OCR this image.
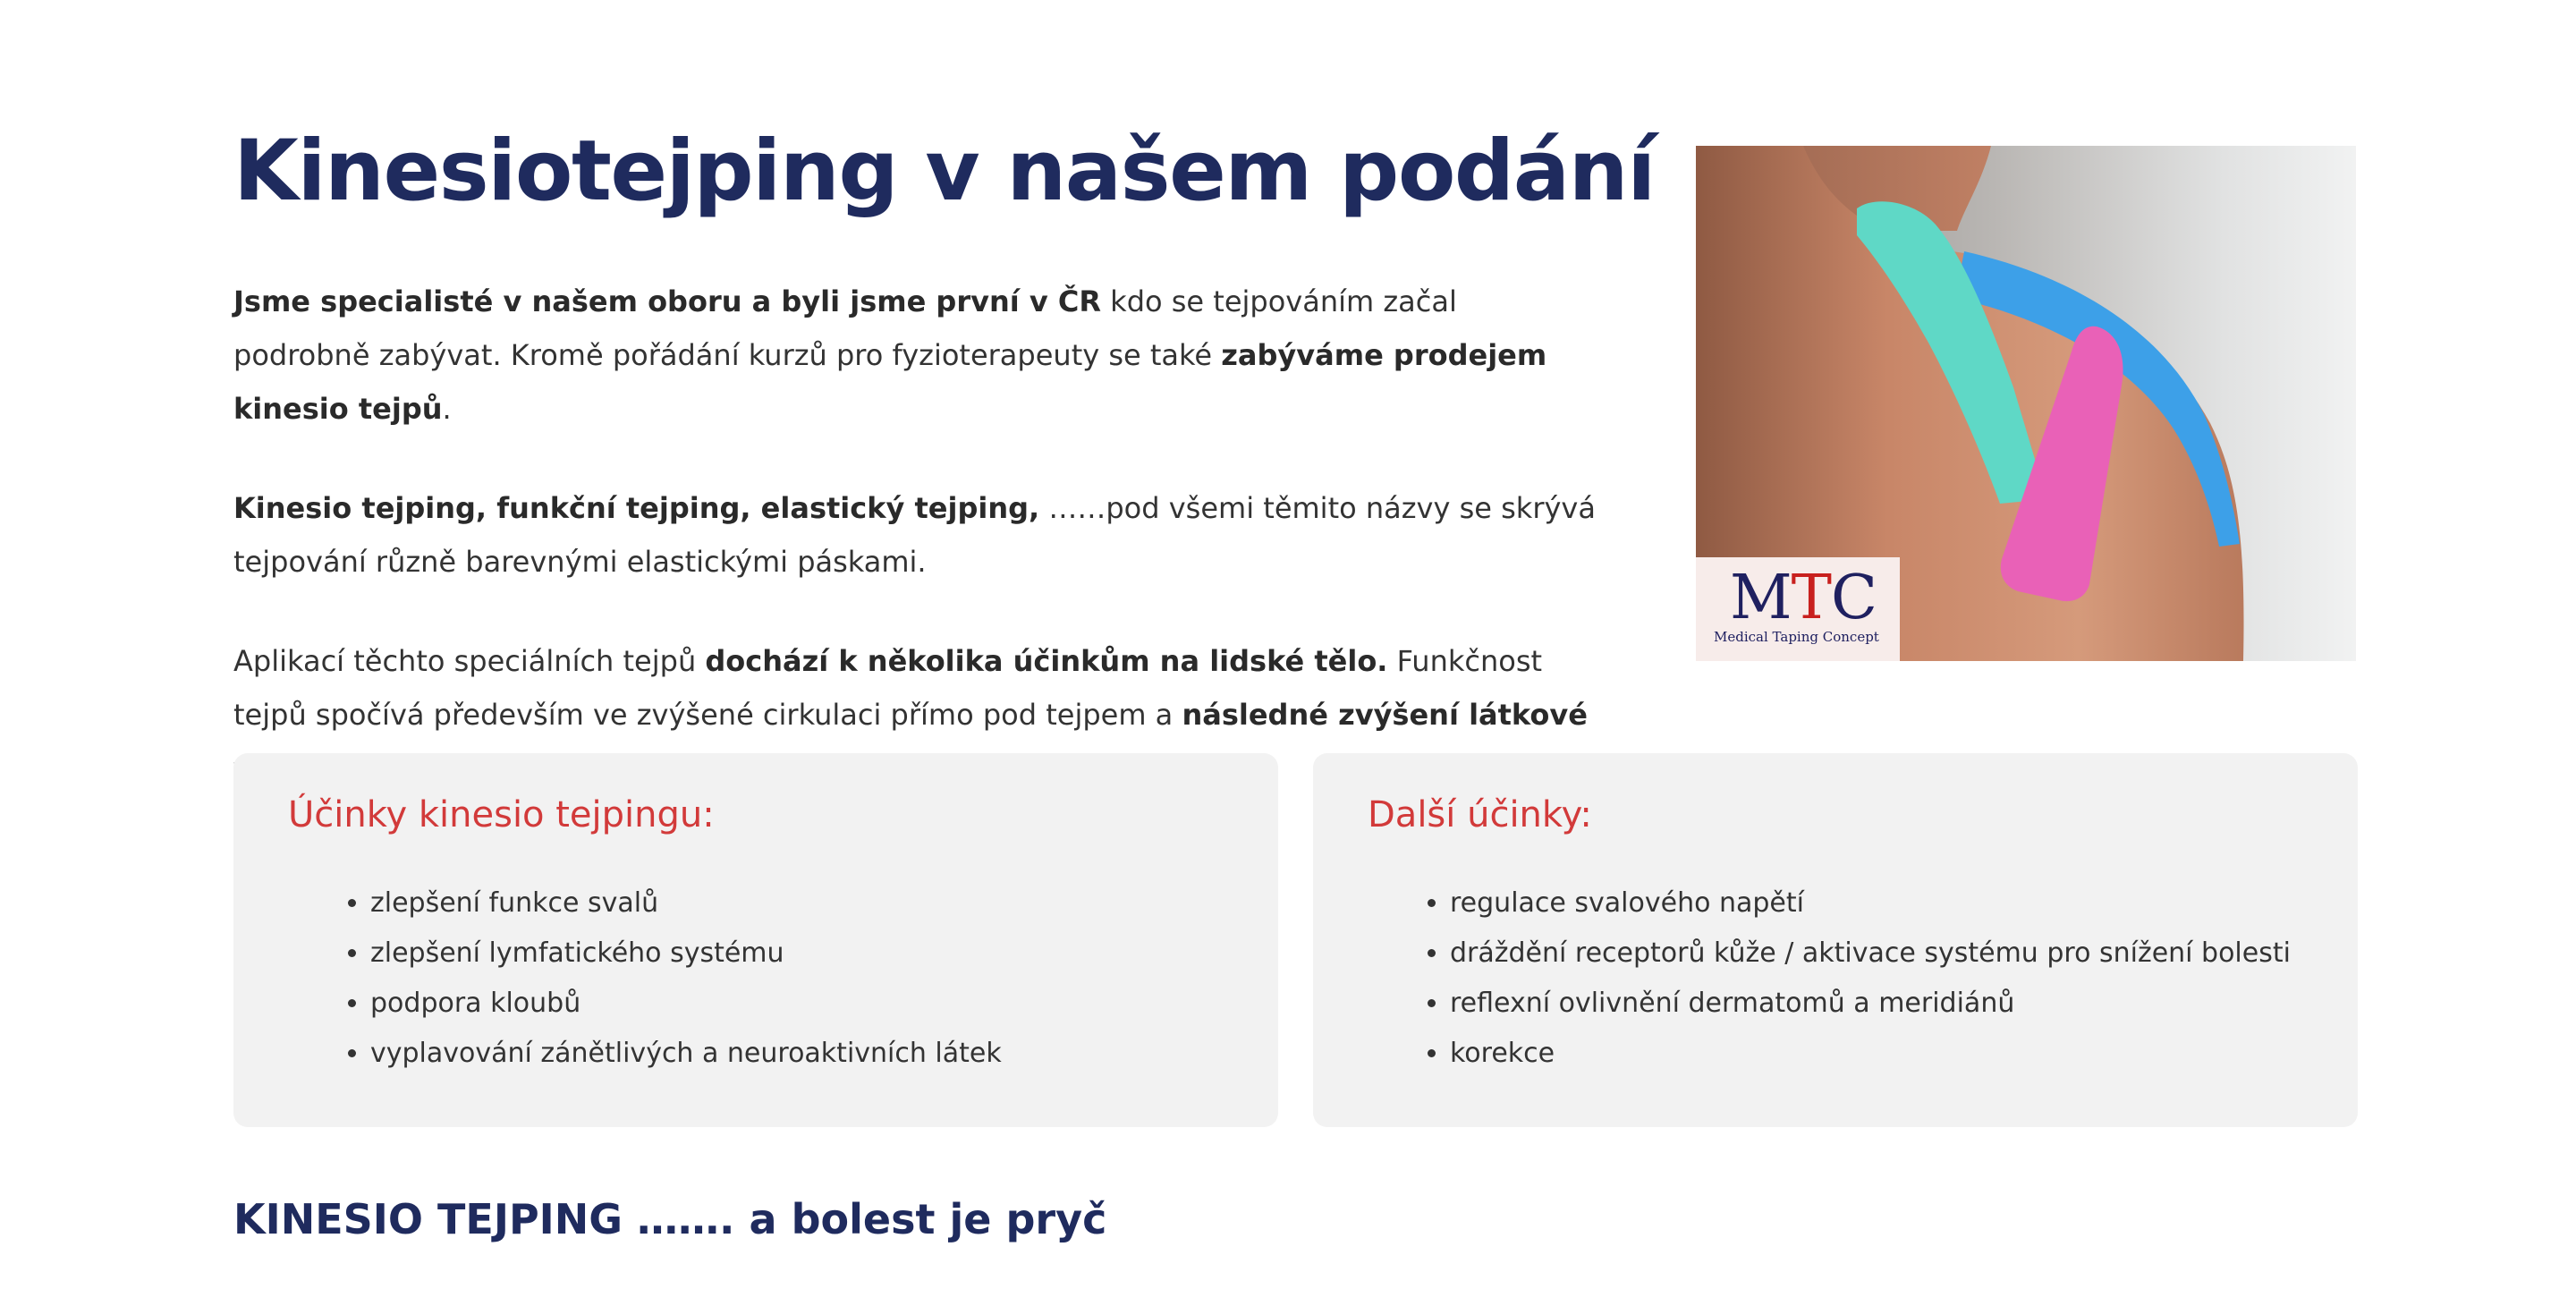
Kinesiotejping v našem podání

Jsme specialisté v našem oboru a byli jsme první v ČR kdo se tejpováním začal podrobně zabývat. Kromě pořádání kurzů pro fyzioterapeuty se také zabýváme prodejem kinesio tejpů.

Kinesio tejping, funkční tejping, elastický tejping, ……pod všemi těmito názvy se skrývá tejpování různě barevnými elastickými páskami.

Aplikací těchto speciálních tejpů dochází k několika účinkům na lidské tělo. Funkčnost tejpů spočívá především ve zvýšené cirkulaci přímo pod tejpem a následné zvýšení látkové

MTC
Medical Taping Concept
Účinky kinesio tejpingu:
• zlepšení funkce svalů
• zlepšení lymfatického systému
• podpora kloubů
• vyplavování zánětlivých a neuroaktivních látek
Další účinky:
• regulace svalového napětí
• dráždění receptorů kůže / aktivace systému pro snížení bolesti
• reflexní ovlivnění dermatomů a meridiánů
• korekce
KINESIO TEJPING ……. a bolest je pryč
